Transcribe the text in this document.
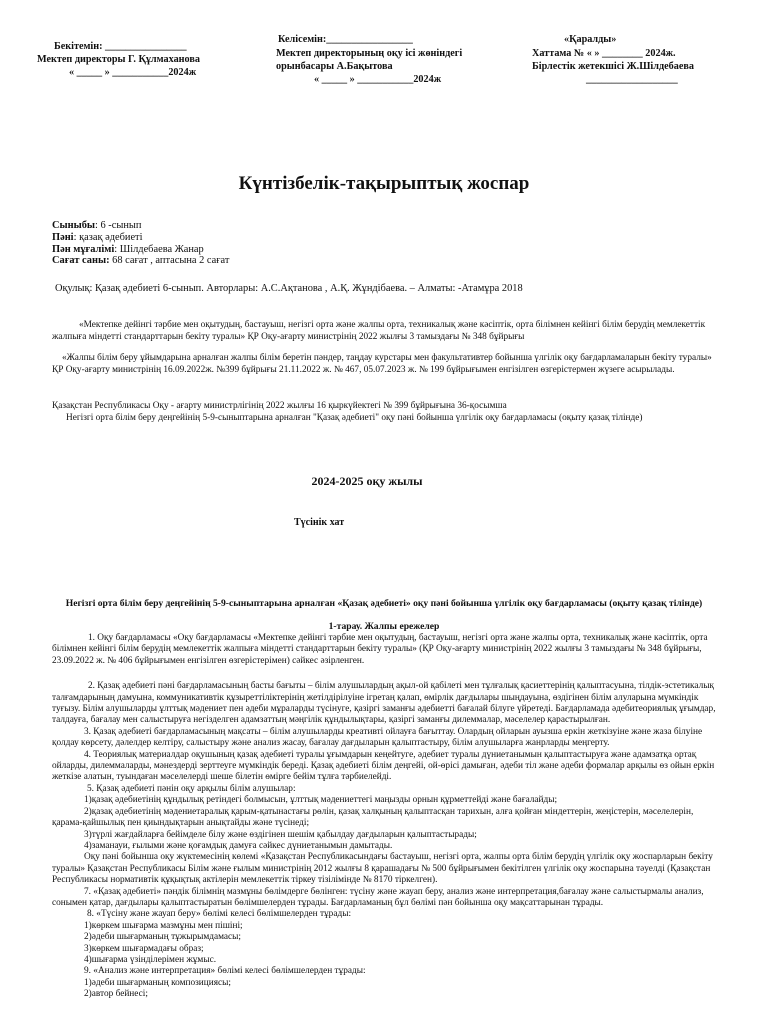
Бекітемін: ________________
Мектеп директоры Г. Құлмаханова
« _____ » ___________2024ж
Келісемін:_________________
Мектеп директорының оқу ісі жөніндегі
орынбасары А.Бақытова
« _____ » ___________2024ж
«Қаралды»
Хаттама № « » ________ 2024ж.
Бірлестік жетекшісі Ж.Шілдебаева
__________________
Күнтізбелік-тақырыптық жоспар
Сыныбы: 6 -сынып
Пәні: қазақ әдебиеті
Пән мұғалімі: Шілдебаева Жанар
Сағат саны: 68 сағат , аптасына 2 сағат
Оқулық: Қазақ әдебиеті 6-сынып. Авторлары: А.С.Ақтанова , А.Қ. Жұндібаева. – Алматы: -Атамұра 2018
«Мектепке дейінгі тәрбие мен оқытудың, бастауыш, негізгі орта және жалпы орта, техникалық және кәсіптік, орта білімнен кейінгі білім берудің мемлекеттік жалпыға міндетті стандарттарын бекіту туралы» ҚР Оқу-ағарту министрінің 2022 жылғы 3 тамыздағы № 348 бұйрығы
«Жалпы білім беру ұйымдарына арналған жалпы білім беретін пәндер, таңдау курстары мен факультативтер бойынша үлгілік оқу бағдарламаларын бекіту туралы» ҚР Оқу-ағарту министрінің 16.09.2022ж. №399 бұйрығы 21.11.2022 ж. № 467, 05.07.2023 ж. № 199 бұйрығымен енгізілген өзгерістермен жүзеге асырылады.
Қазақстан Республикасы Оқу - ағарту министрлігінің 2022 жылғы 16 қыркүйектегі № 399 бұйрығына 36-қосымша
Негізгі орта білім беру деңгейінің 5-9-сыныптарына арналған "Қазақ әдебиеті" оқу пәні бойынша үлгілік оқу бағдарламасы (оқыту қазақ тілінде)
2024-2025 оқу жылы
Түсінік хат
Негізгі орта білім беру деңгейінің 5-9-сыныптарына арналған «Қазақ әдебиеті» оқу пәні бойынша үлгілік оқу бағдарламасы (оқыту қазақ тілінде)
1-тарау. Жалпы ережелер

1. Оқу бағдарламасы «Оқу бағдарламасы «Мектепке дейінгі тәрбие мен оқытудың, бастауыш, негізгі орта және жалпы орта, техникалық және кәсіптік, орта білімнен кейінгі білім берудің мемлекеттік жалпыға міндетті стандарттарын бекіту туралы» (ҚР Оқу-ағарту министрінің 2022 жылғы 3 тамыздағы № 348 бұйрығы, 23.09.2022 ж. № 406 бұйрығымен енгізілген өзгерістерімен) сәйкес әзірленген.

2. Қазақ әдебиеті пәні бағдарламасының басты бағыты – білім алушылардың ақыл-ой қабілеті мен тұлғалық қасиеттерінің қалыптасуына, тілдік-эстетикалық талғамдарының дамуына, коммуникативтік құзыреттіліктерінің жетілдірілуіне ігретаң қалап, өмірлік дағдылары шыңдауына, өздігінен білім алуларына мүмкіндік туғызу. Білім алушыларды ұлттық мәдениет пен әдеби мұраларды түсінуге, қазіргі заманғы әдебиетті бағалай білуге үйретеді. Бағдарламада әдебитеориялық ұғымдар, талдауға, бағалау мен салыстыруға негізделген адамзаттың мәңгілік құндылықтары, қазіргі заманғы дилеммалар, мәселелер қарастырылған.

3. Қазақ әдебиеті бағдарламасының мақсаты – білім алушыларды креативті ойлауға бағыттау. Олардың ойларын ауызша еркін жеткізуіне және жаза білуіне қолдау көрсету, дәлелдер келтіру, салыстыру және анализ жасау, бағалау дағдыларын қалыптастыру, білім алушыларға жанрларды меңгерту.

4. Теориялық материалдар оқушының қазақ әдебиеті туралы ұғымдарын кеңейтуге, әдебиет туралы дүниетанымын қалыптастыруға және адамзатқа ортақ ойларды, дилеммаларды, мәнездерді зерттеуге мүмкіндік береді. Қазақ әдебиеті білім деңгейі, ой-өрісі дамыған, әдеби тіл және әдеби формалар арқылы өз ойын еркін жеткізе алатын, туындаған мәселелерді шеше білетін өмірге бейім тұлға тәрбиелейді.

5. Қазақ әдебиеті пәнін оқу арқылы білім алушылар:

1)қазақ әдебиетінің құндылық ретіндегі болмысын, ұлттық мәдениеттегі маңызды орнын құрметтейді және бағалайды;

2)қазақ әдебиетінің мәдениетаралық қарым-қатынастағы рөлін, қазақ халқының қалыптасқан тарихын, алға қойған міндеттерін, жеңістерін, мәселелерін, қарама-қайшылық пен қиындықтарын анықтайды және түсінеді;

3)түрлі жағдайларға бейімделе білу және өздігінен шешім қабылдау дағдыларын қалыптастырады;

4)заманауи, ғылыми және қоғамдық дамуға сәйкес дүниетанымын дамытады.

Оқу пәні бойынша оқу жүктемесінің көлемі «Қазақстан Республикасындағы бастауыш, негізгі орта, жалпы орта білім берудің үлгілік оқу жоспарларын бекіту туралы» Қазақстан Республикасы Білім және ғылым министрінің 2012 жылғы 8 қарашадағы № 500 бұйрығымен бекітілген үлгілік оқу жоспарына тәуелді (Қазақстан Республикасы нормативтік құқықтық актілерін мемлекеттік тіркеу тізілімінде № 8170 тіркелген).

7. «Қазақ әдебиеті» пәндік білімнің мазмұны бөлімдерге бөлінген: түсіну және жауап беру, анализ және интерпретация,бағалау және салыстырмалы анализ, сонымен қатар, дағдылары қалыптастыратын бөлімшелерден тұрады. Бағдарламаның бұл бөлімі пән бойынша оқу мақсаттарынан тұрады.

8. «Түсіну және жауап беру» бөлімі келесі бөлімшелерден тұрады:

1)көркем шығарма мазмұны мен пішіні;

2)әдеби шығарманың тұжырымдамасы;

3)көркем шығармадағы образ;

4)шығарма үзінділерімен жұмыс.

9. «Анализ және интерпретация» бөлімі келесі бөлімшелерден тұрады:

1)әдеби шығарманың композициясы;

2)автор бейнесі;
